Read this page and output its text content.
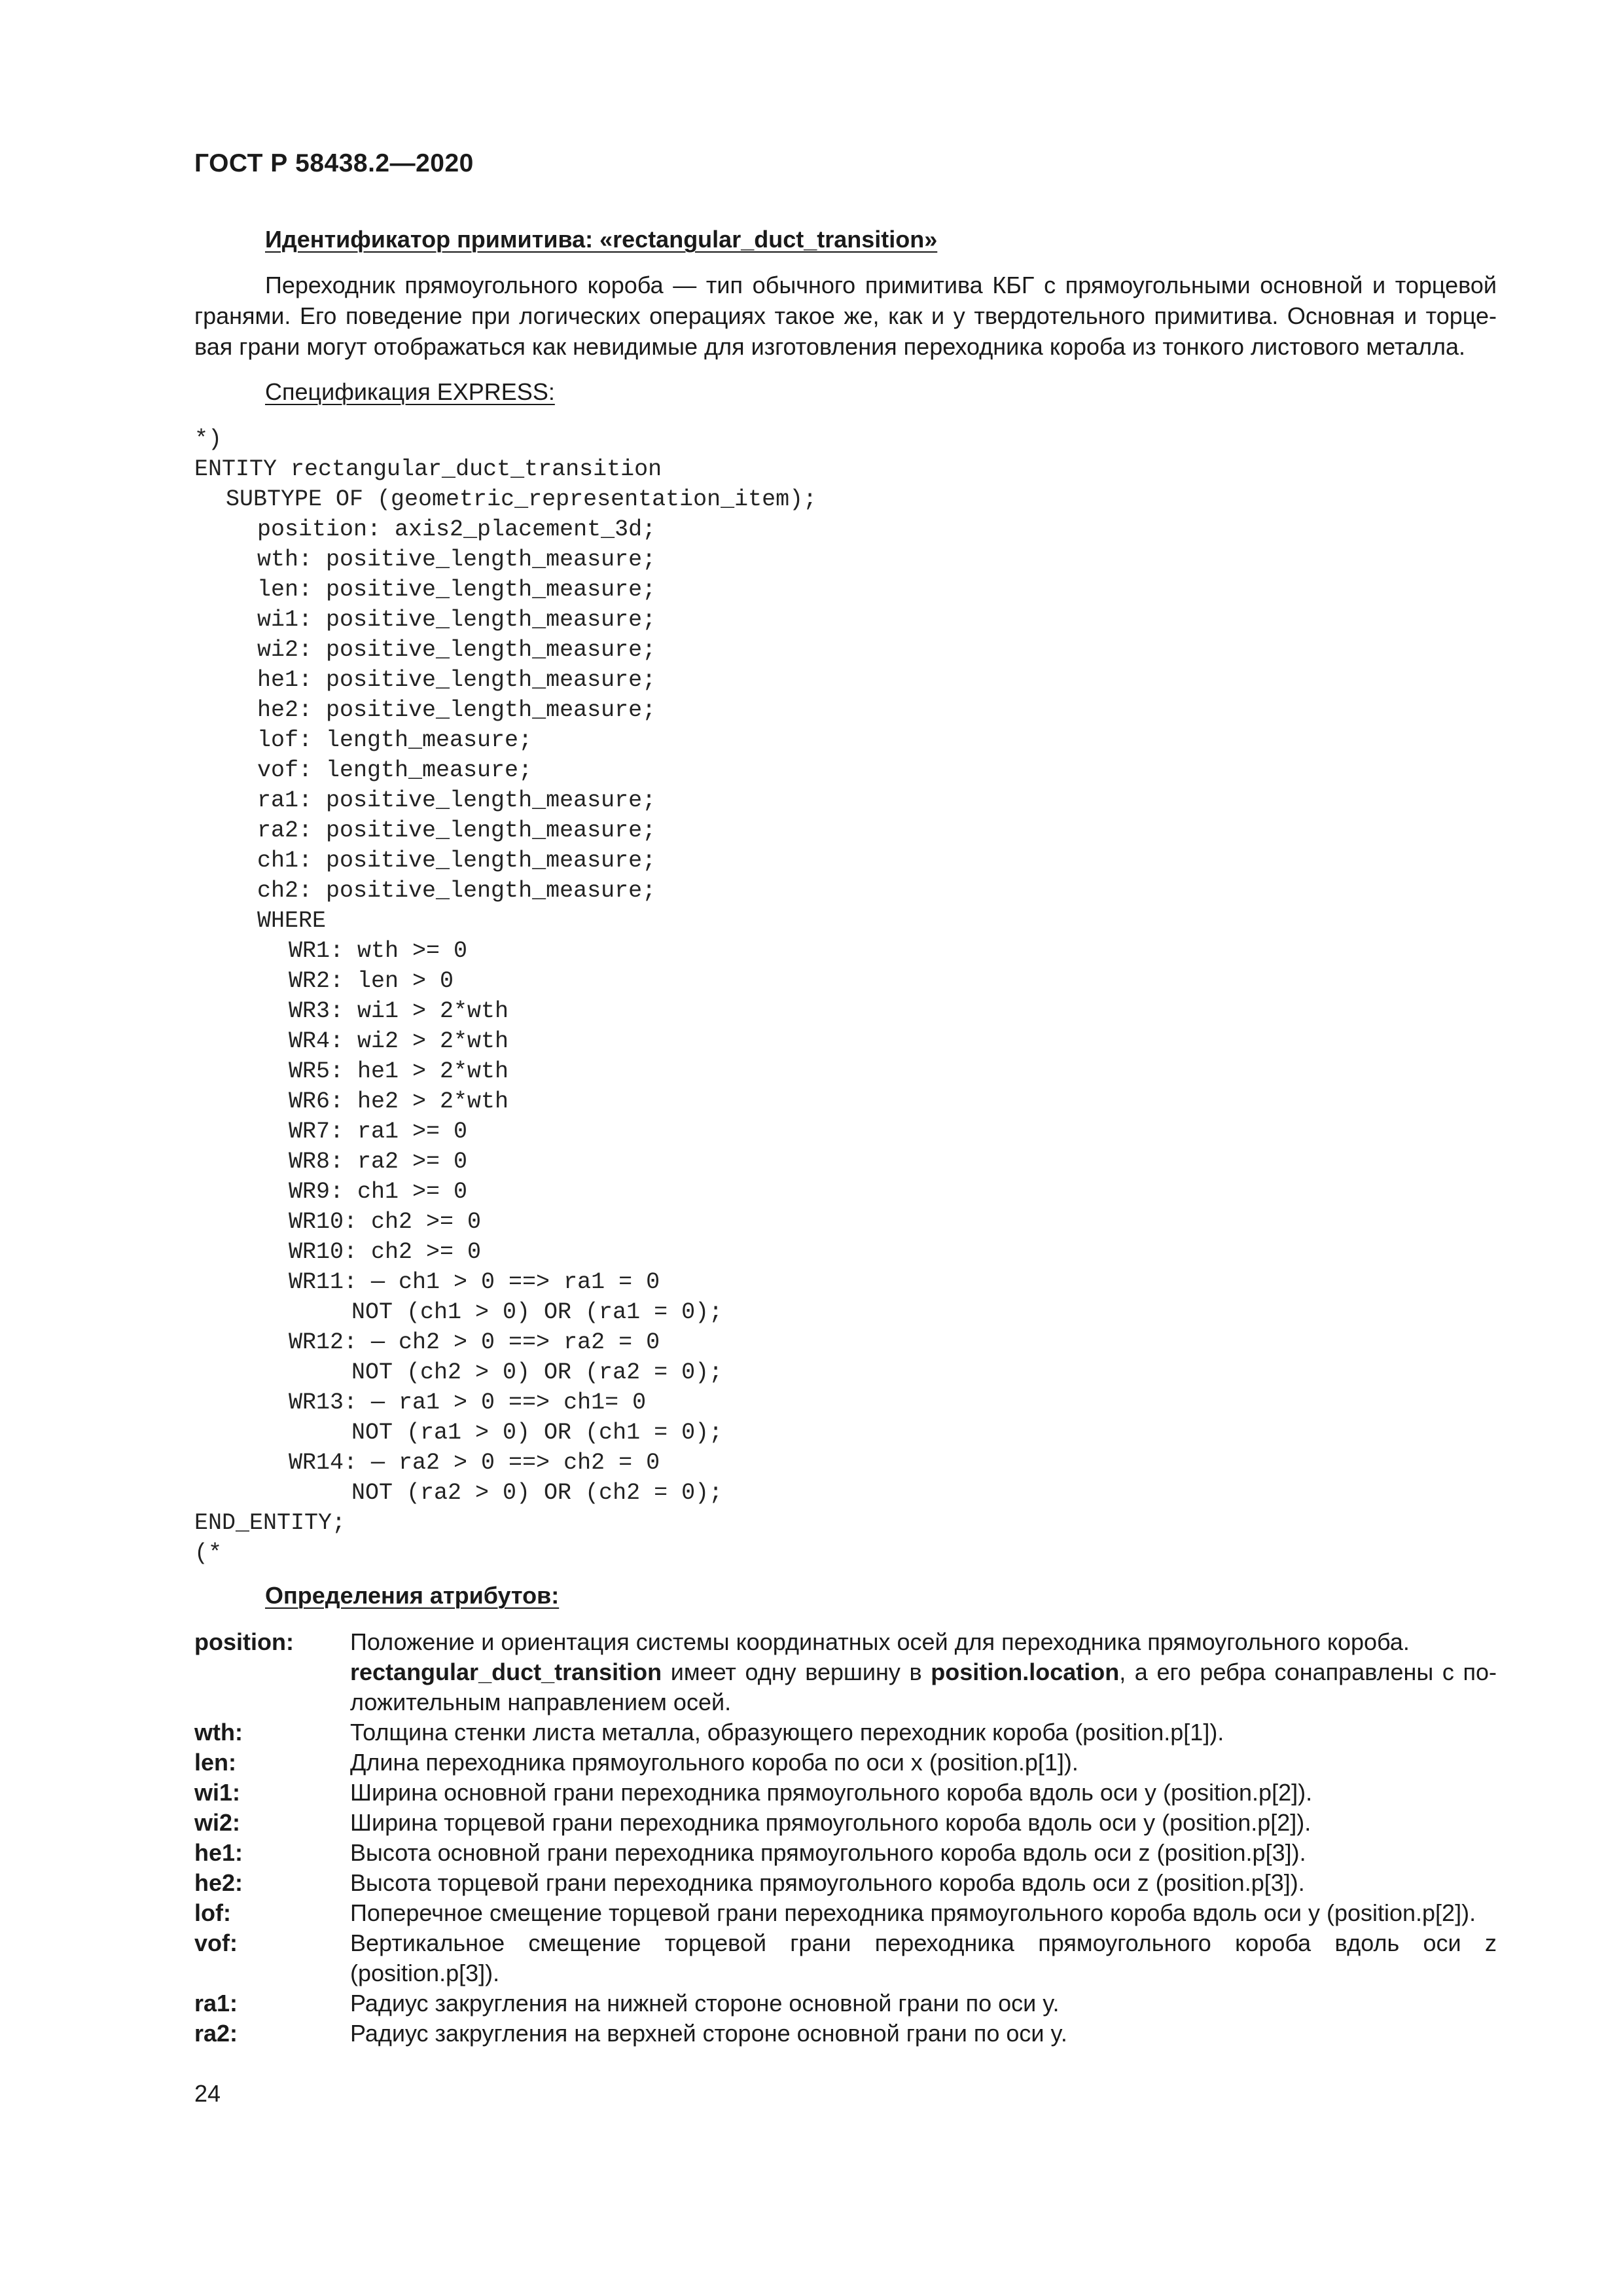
ГОСТ Р 58438.2—2020
Идентификатор примитива: «rectangular_duct_transition»
Переходник прямоугольного короба — тип обычного примитива КБГ с прямоугольными основной и торцевой
гранями. Его поведение при логических операциях такое же, как и у твердотельного примитива. Основная и торце-
вая грани могут отображаться как невидимые для изготовления переходника короба из тонкого листового металла.
Спецификация EXPRESS:
*)
ENTITY rectangular_duct_transition
SUBTYPE OF (geometric_representation_item);
position: axis2_placement_3d;
wth: positive_length_measure;
len: positive_length_measure;
wi1: positive_length_measure;
wi2: positive_length_measure;
he1: positive_length_measure;
he2: positive_length_measure;
lof: length_measure;
vof: length_measure;
ra1: positive_length_measure;
ra2: positive_length_measure;
ch1: positive_length_measure;
ch2: positive_length_measure;
WHERE
WR1: wth >= 0
WR2: len > 0
WR3: wi1 > 2*wth
WR4: wi2 > 2*wth
WR5: he1 > 2*wth
WR6: he2 > 2*wth
WR7: ra1 >= 0
WR8: ra2 >= 0
WR9: ch1 >= 0
WR10: ch2 >= 0
WR10: ch2 >= 0
WR11: — ch1 > 0 ==> ra1 = 0
NOT (ch1 > 0) OR (ra1 = 0);
WR12: — ch2 > 0 ==> ra2 = 0
NOT (ch2 > 0) OR (ra2 = 0);
WR13: — ra1 > 0 ==> ch1= 0
NOT (ra1 > 0) OR (ch1 = 0);
WR14: — ra2 > 0 ==> ch2 = 0
NOT (ra2 > 0) OR (ch2 = 0);
END_ENTITY;
(*
Определения атрибутов:
position: Положение и ориентация системы координатных осей для переходника прямоугольного короба.
rectangular_duct_transition имеет одну вершину в position.location, а его ребра сонаправлены с по-
ложительным направлением осей.
wth:	Толщина стенки листа металла, образующего переходник короба (position.p[1]).
len:	Длина переходника прямоугольного короба по оси x (position.p[1]).
wi1:	Ширина основной грани переходника прямоугольного короба вдоль оси y (position.p[2]).
wi2:	Ширина торцевой грани переходника прямоугольного короба вдоль оси y (position.p[2]).
he1:	Высота основной грани переходника прямоугольного короба вдоль оси z (position.p[3]).
he2:	Высота торцевой грани переходника прямоугольного короба вдоль оси z (position.p[3]).
lof:	Поперечное смещение торцевой грани переходника прямоугольного короба вдоль оси y (position.p[2]).
vof:	Вертикальное смещение торцевой грани переходника прямоугольного короба вдоль оси z
(position.p[3]).
ra1:	Радиус закругления на нижней стороне основной грани по оси y.
ra2:	Радиус закругления на верхней стороне основной грани по оси y.
24
